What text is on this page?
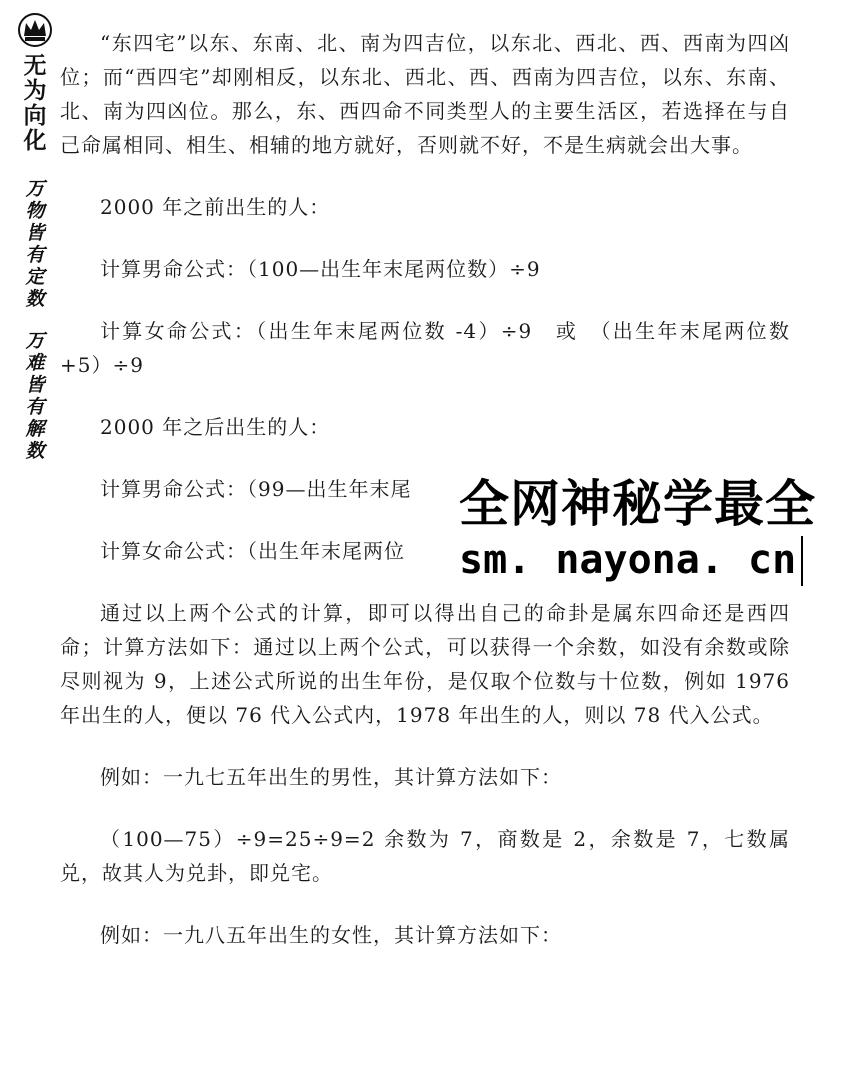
无
为
向
化
万
物
皆
有
定
数
万
难
皆
有
解
数

“东四宅”以东、东南、北、南为四吉位，以东北、西北、西、西南为四凶位；而“西四宅”却刚相反，以东北、西北、西、西南为四吉位，以东、东南、北、南为四凶位。那么，东、西四命不同类型人的主要生活区，若选择在与自己命属相同、相生、相辅的地方就好，否则就不好，不是生病就会出大事。

2000 年之前出生的人：

计算男命公式：（100—出生年末尾两位数）÷9

计算女命公式：（出生年末尾两位数 -4）÷9　或　（出生年末尾两位数 +5）÷9

2000 年之后出生的人：

计算男命公式：（99—出生年末尾

计算女命公式：（出生年末尾两位

通过以上两个公式的计算，即可以得出自己的命卦是属东四命还是西四命；计算方法如下：通过以上两个公式，可以获得一个余数，如没有余数或除尽则视为 9，上述公式所说的出生年份，是仅取个位数与十位数，例如 1976 年出生的人，便以 76 代入公式内，1978 年出生的人，则以 78 代入公式。

例如：一九七五年出生的男性，其计算方法如下：

（100—75）÷9=25÷9=2 余数为 7，商数是 2，余数是 7，七数属兑，故其人为兑卦，即兑宅。

例如：一九八五年出生的女性，其计算方法如下：

全网神秘学最全
sm. nayona. cn
